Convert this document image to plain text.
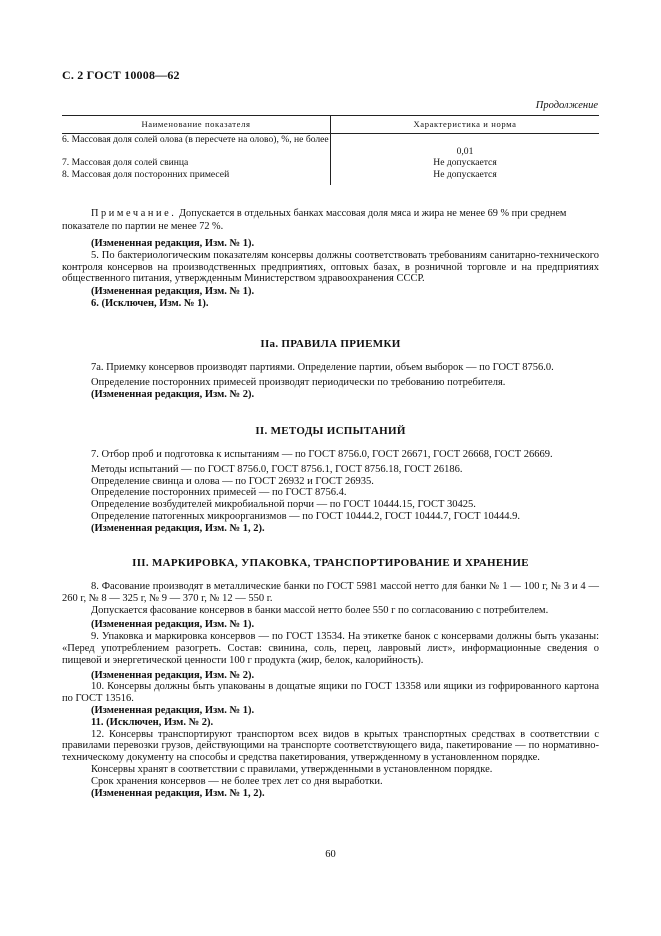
С. 2 ГОСТ 10008—62
Продолжение
Наименование показателя	Характеристика и норма
6. Массовая доля солей олова (в пересчете на олово), %, не более	0,01
7. Массовая доля солей свинца	Не допускается
8. Массовая доля посторонних примесей	Не допускается
Примечание. Допускается в отдельных банках массовая доля мяса и жира не менее 69 % при среднем показателе по партии не менее 72 %.

(Измененная редакция, Изм. № 1).

5. По бактериологическим показателям консервы должны соответствовать требованиям санитарно-технического контроля консервов на производственных предприятиях, оптовых базах, в розничной торговле и на предприятиях общественного питания, утвержденным Министерством здравоохранения СССР.

(Измененная редакция, Изм. № 1).

6. (Исключен, Изм. № 1).

IIа. ПРАВИЛА ПРИЕМКИ

7а. Приемку консервов производят партиями. Определение партии, объем выборок — по ГОСТ 8756.0.

Определение посторонних примесей производят периодически по требованию потребителя.

(Измененная редакция, Изм. № 2).

II. МЕТОДЫ ИСПЫТАНИЙ

7. Отбор проб и подготовка к испытаниям — по ГОСТ 8756.0, ГОСТ 26671, ГОСТ 26668, ГОСТ 26669.

Методы испытаний — по ГОСТ 8756.0, ГОСТ 8756.1, ГОСТ 8756.18, ГОСТ 26186.

Определение свинца и олова — по ГОСТ 26932 и ГОСТ 26935.

Определение посторонних примесей — по ГОСТ 8756.4.

Определение возбудителей микробиальной порчи — по ГОСТ 10444.15, ГОСТ 30425.

Определение патогенных микроорганизмов — по ГОСТ 10444.2, ГОСТ 10444.7, ГОСТ 10444.9.

(Измененная редакция, Изм. № 1, 2).

III. МАРКИРОВКА, УПАКОВКА, ТРАНСПОРТИРОВАНИЕ И ХРАНЕНИЕ

8. Фасование производят в металлические банки по ГОСТ 5981 массой нетто для банки № 1 — 100 г, № 3 и 4 — 260 г, № 8 — 325 г, № 9 — 370 г, № 12 — 550 г.

Допускается фасование консервов в банки массой нетто более 550 г по согласованию с потребителем.

(Измененная редакция, Изм. № 1).

9. Упаковка и маркировка консервов — по ГОСТ 13534. На этикетке банок с консервами должны быть указаны: «Перед употреблением разогреть. Состав: свинина, соль, перец, лавровый лист», информационные сведения о пищевой и энергетической ценности 100 г продукта (жир, белок, калорийность).

(Измененная редакция, Изм. № 2).

10. Консервы должны быть упакованы в дощатые ящики по ГОСТ 13358 или ящики из гофрированного картона по ГОСТ 13516.

(Измененная редакция, Изм. № 1).

11. (Исключен, Изм. № 2).

12. Консервы транспортируют транспортом всех видов в крытых транспортных средствах в соответствии с правилами перевозки грузов, действующими на транспорте соответствующего вида, пакетирование — по нормативно-техническому документу на способы и средства пакетирования, утвержденному в установленном порядке.

Консервы хранят в соответствии с правилами, утвержденными в установленном порядке.

Срок хранения консервов — не более трех лет со дня выработки.

(Измененная редакция, Изм. № 1, 2).

60
